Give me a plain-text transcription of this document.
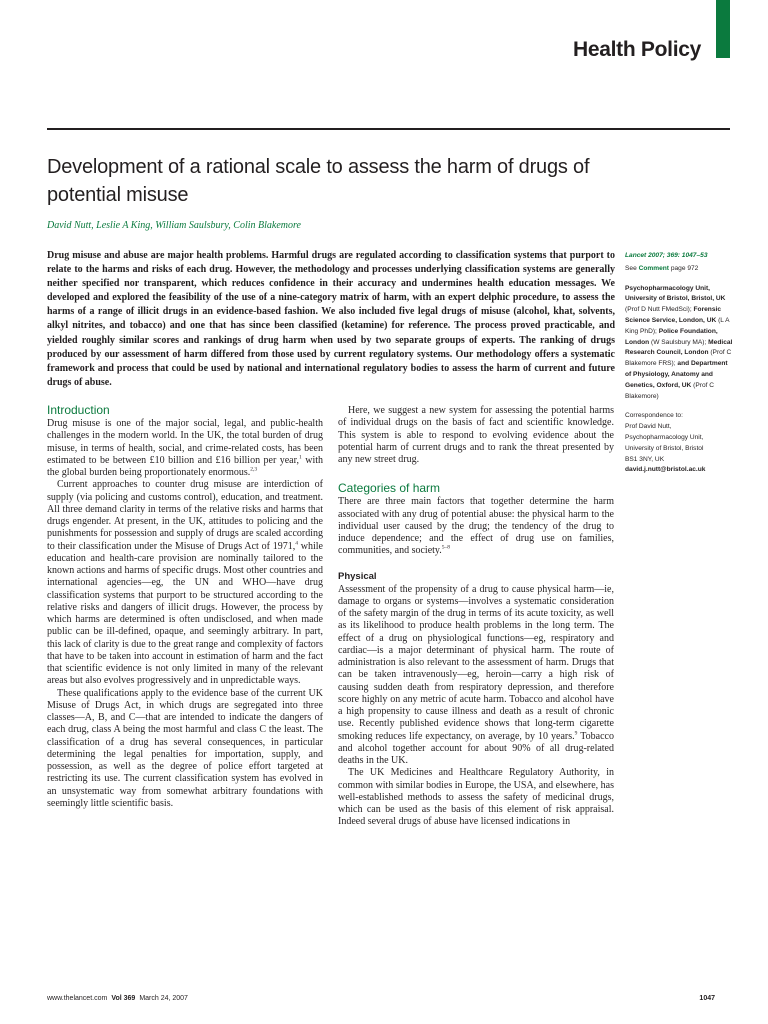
Health Policy
Development of a rational scale to assess the harm of drugs of potential misuse
David Nutt, Leslie A King, William Saulsbury, Colin Blakemore

Drug misuse and abuse are major health problems. Harmful drugs are regulated according to classification systems that purport to relate to the harms and risks of each drug. However, the methodology and processes underlying classification systems are generally neither specified nor transparent, which reduces confidence in their accuracy and undermines health education messages. We developed and explored the feasibility of the use of a nine-category matrix of harm, with an expert delphic procedure, to assess the harms of a range of illicit drugs in an evidence-based fashion. We also included five legal drugs of misuse (alcohol, khat, solvents, alkyl nitrites, and tobacco) and one that has since been classified (ketamine) for reference. The process proved practicable, and yielded roughly similar scores and rankings of drug harm when used by two separate groups of experts. The ranking of drugs produced by our assessment of harm differed from those used by current regulatory systems. Our methodology offers a systematic framework and process that could be used by national and international regulatory bodies to assess the harm of current and future drugs of abuse.

Lancet 2007; 369: 1047–53

See Comment page 972

Psychopharmacology Unit, University of Bristol, Bristol, UK (Prof D Nutt FMedSci); Forensic Science Service, London, UK (L A King PhD); Police Foundation, London (W Saulsbury MA); Medical Research Council, London (Prof C Blakemore FRS); and Department of Physiology, Anatomy and Genetics, Oxford, UK (Prof C Blakemore)

Correspondence to:

Prof David Nutt,

Psychopharmacology Unit,

University of Bristol, Bristol

BS1 3NY, UK

david.j.nutt@bristol.ac.uk

Introduction

Drug misuse is one of the major social, legal, and public-health challenges in the modern world. In the UK, the total burden of drug misuse, in terms of health, social, and crime-related costs, has been estimated to be between £10 billion and £16 billion per year,$^1$ with the global burden being proportionately enormous.$^{2,3}$

Current approaches to counter drug misuse are interdiction of supply (via policing and customs control), education, and treatment. All three demand clarity in terms of the relative risks and harms that drugs engender. At present, in the UK, attitudes to policing and the punishments for possession and supply of drugs are scaled according to their classification under the Misuse of Drugs Act of 1971,$^4$ while education and health-care provision are nominally tailored to the known actions and harms of specific drugs. Most other countries and international agencies—eg, the UN and WHO—have drug classification systems that purport to be structured according to the relative risks and dangers of illicit drugs. However, the process by which harms are determined is often undisclosed, and when made public can be ill-defined, opaque, and seemingly arbitrary. In part, this lack of clarity is due to the great range and complexity of factors that have to be taken into account in estimation of harm and the fact that scientific evidence is not only limited in many of the relevant areas but also evolves progressively and in unpredictable ways.

These qualifications apply to the evidence base of the current UK Misuse of Drugs Act, in which drugs are segregated into three classes—A, B, and C—that are intended to indicate the dangers of each drug, class A being the most harmful and class C the least. The classification of a drug has several consequences, in particular determining the legal penalties for importation, supply, and possession, as well as the degree of police effort targeted at restricting its use. The current classification system has evolved in an unsystematic way from somewhat arbitrary foundations with seemingly little scientific basis.

Here, we suggest a new system for assessing the potential harms of individual drugs on the basis of fact and scientific knowledge. This system is able to respond to evolving evidence about the potential harm of current drugs and to rank the threat presented by any new street drug.

Categories of harm

There are three main factors that together determine the harm associated with any drug of potential abuse: the physical harm to the individual user caused by the drug; the tendency of the drug to induce dependence; and the effect of drug use on families, communities, and society.$^{5-8}$

Physical

Assessment of the propensity of a drug to cause physical harm—ie, damage to organs or systems—involves a systematic consideration of the safety margin of the drug in terms of its acute toxicity, as well as its likelihood to produce health problems in the long term. The effect of a drug on physiological functions—eg, respiratory and cardiac—is a major determinant of physical harm. The route of administration is also relevant to the assessment of harm. Drugs that can be taken intravenously—eg, heroin—carry a high risk of causing sudden death from respiratory depression, and therefore score highly on any metric of acute harm. Tobacco and alcohol have a high propensity to cause illness and death as a result of chronic use. Recently published evidence shows that long-term cigarette smoking reduces life expectancy, on average, by 10 years.$^9$ Tobacco and alcohol together account for about 90% of all drug-related deaths in the UK.

The UK Medicines and Healthcare Regulatory Authority, in common with similar bodies in Europe, the USA, and elsewhere, has well-established methods to assess the safety of medicinal drugs, which can be used as the basis of this element of risk appraisal. Indeed several drugs of abuse have licensed indications in

www.thelancet.com Vol 369 March 24, 2007	1047
